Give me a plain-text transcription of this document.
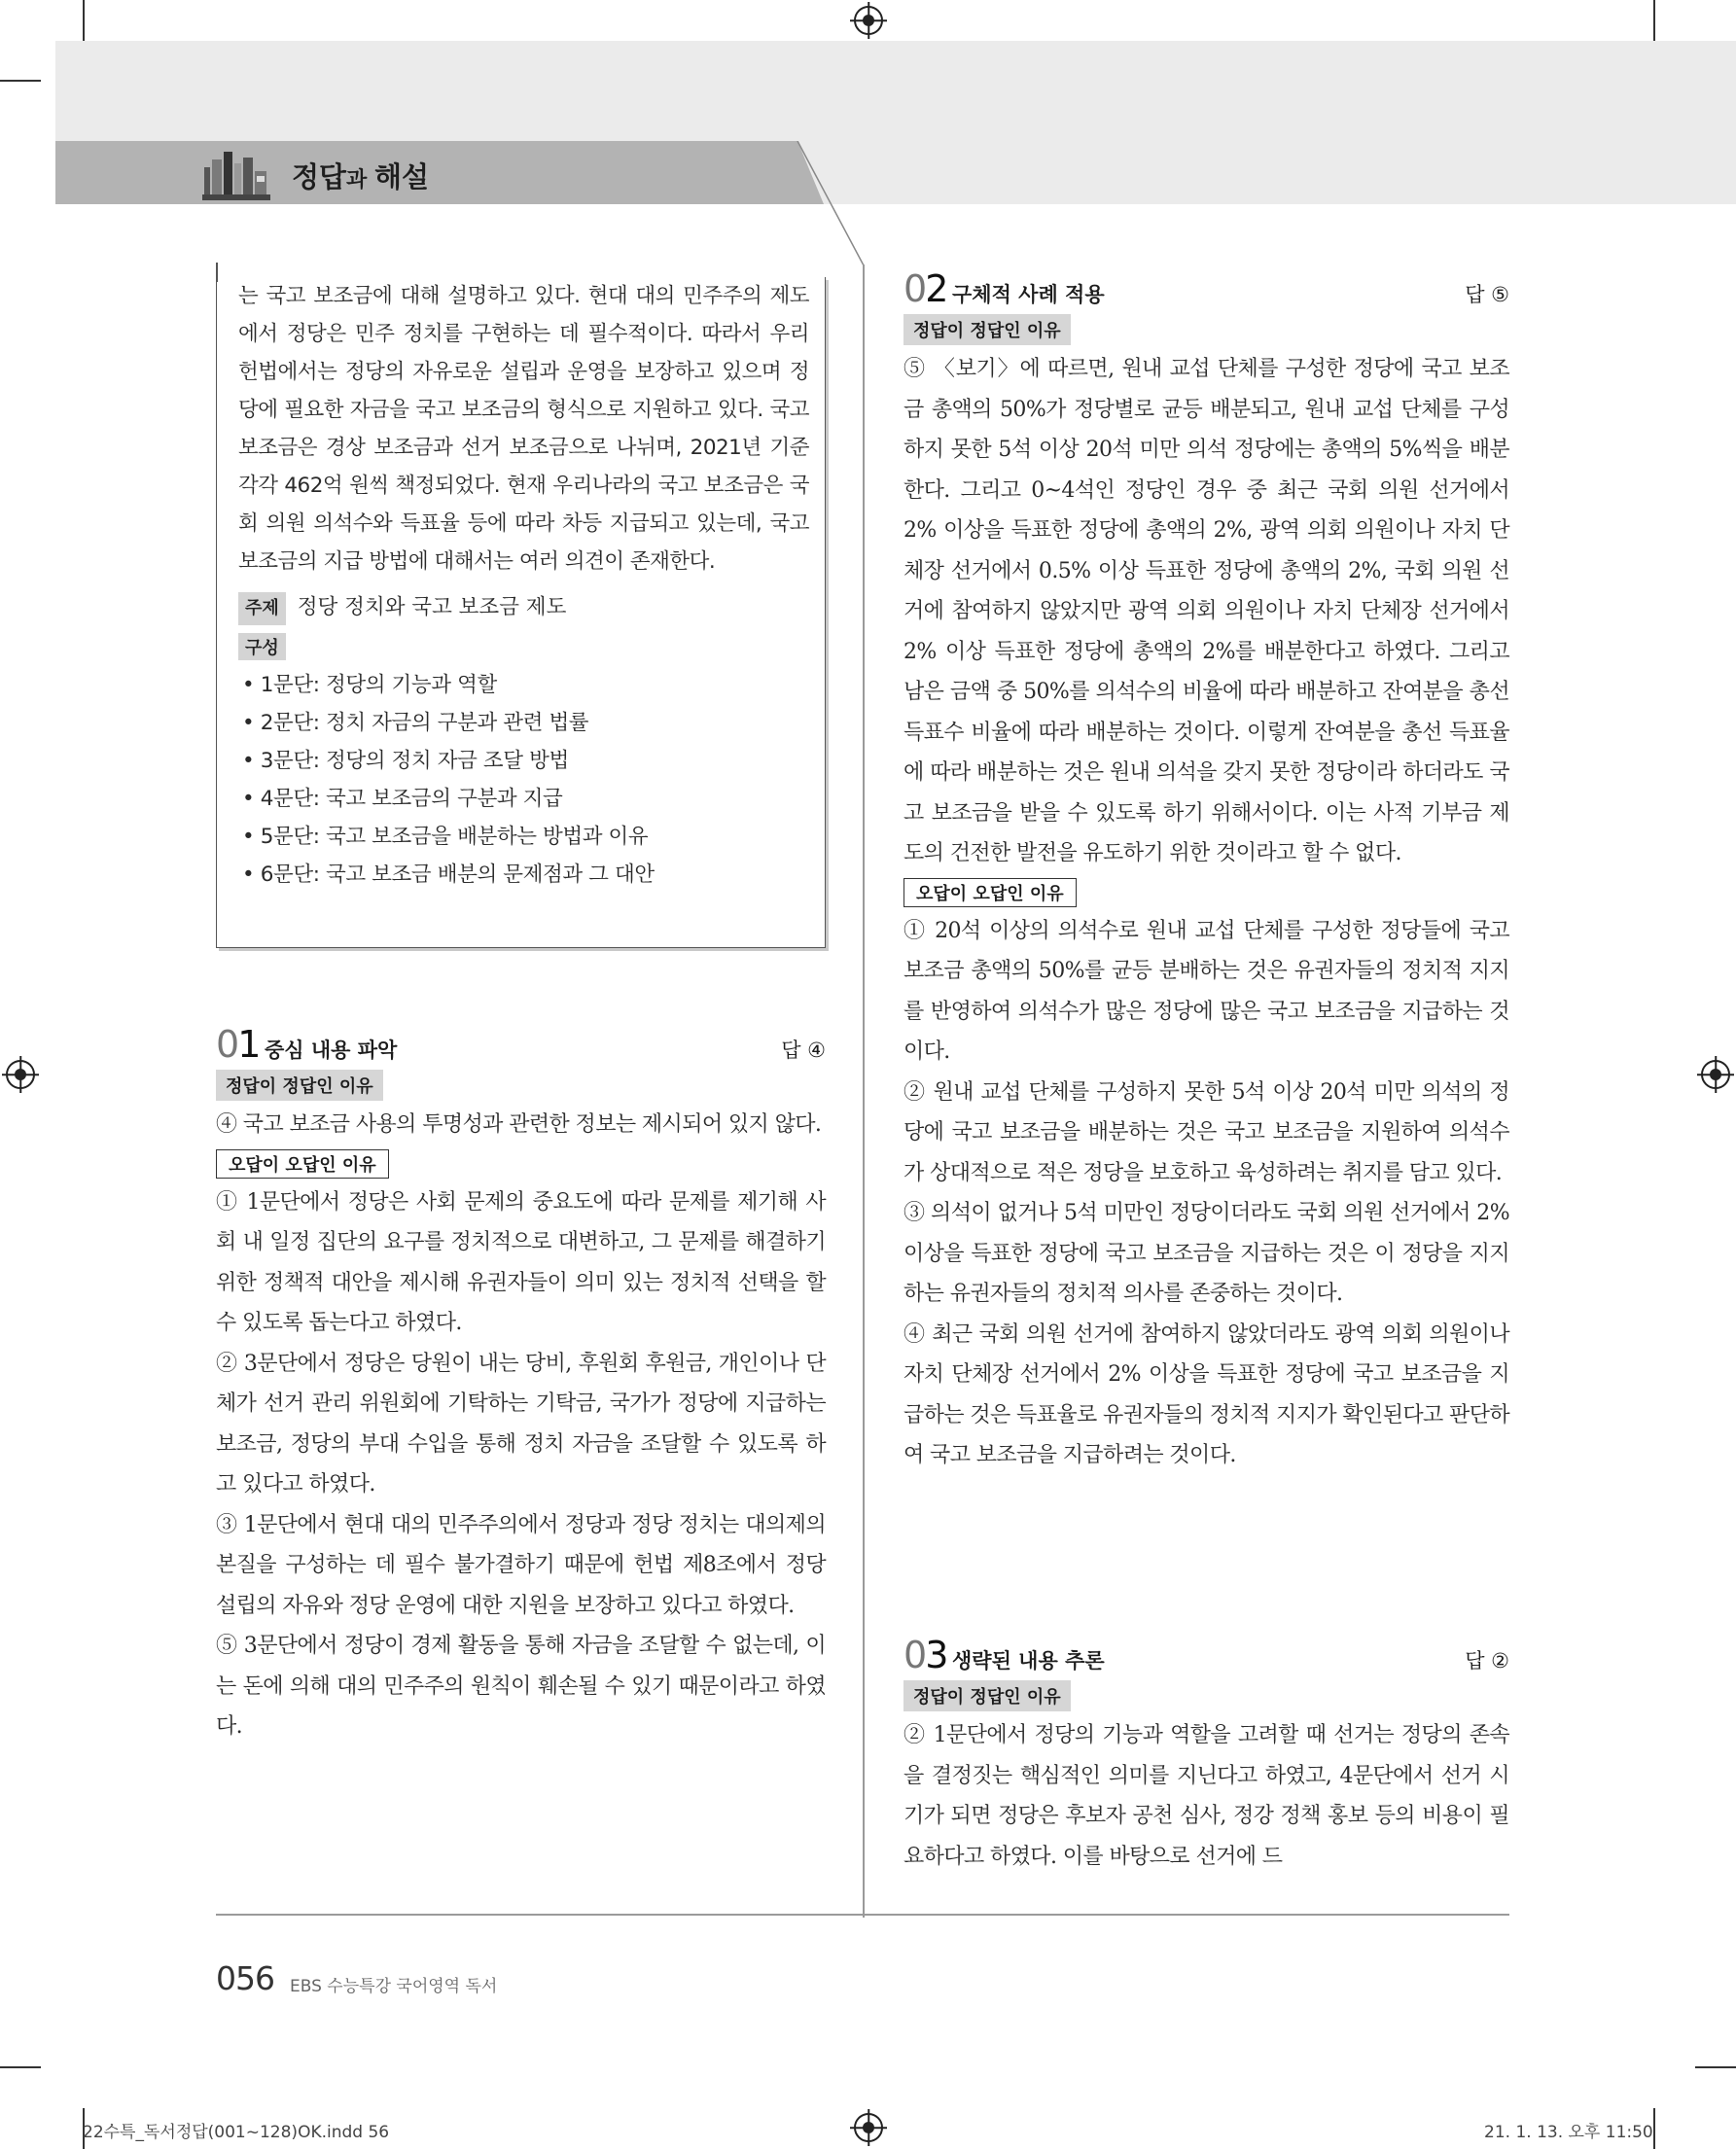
정답과 해설

는 국고 보조금에 대해 설명하고 있다. 현대 대의 민주주의 제도에서 정당은 민주 정치를 구현하는 데 필수적이다. 따라서 우리 헌법에서는 정당의 자유로운 설립과 운영을 보장하고 있으며 정당에 필요한 자금을 국고 보조금의 형식으로 지원하고 있다. 국고 보조금은 경상 보조금과 선거 보조금으로 나뉘며, 2021년 기준 각각 462억 원씩 책정되었다. 현재 우리나라의 국고 보조금은 국회 의원 의석수와 득표율 등에 따라 차등 지급되고 있는데, 국고 보조금의 지급 방법에 대해서는 여러 의견이 존재한다.

주제 정당 정치와 국고 보조금 제도
구성
• 1문단: 정당의 기능과 역할
• 2문단: 정치 자금의 구분과 관련 법률
• 3문단: 정당의 정치 자금 조달 방법
• 4문단: 국고 보조금의 구분과 지급
• 5문단: 국고 보조금을 배분하는 방법과 이유
• 6문단: 국고 보조금 배분의 문제점과 그 대안
01 중심 내용 파악	답 ④
정답이 정답인 이유

④ 국고 보조금 사용의 투명성과 관련한 정보는 제시되어 있지 않다.

오답이 오답인 이유

① 1문단에서 정당은 사회 문제의 중요도에 따라 문제를 제기해 사회 내 일정 집단의 요구를 정치적으로 대변하고, 그 문제를 해결하기 위한 정책적 대안을 제시해 유권자들이 의미 있는 정치적 선택을 할 수 있도록 돕는다고 하였다.

② 3문단에서 정당은 당원이 내는 당비, 후원회 후원금, 개인이나 단체가 선거 관리 위원회에 기탁하는 기탁금, 국가가 정당에 지급하는 보조금, 정당의 부대 수입을 통해 정치 자금을 조달할 수 있도록 하고 있다고 하였다.

③ 1문단에서 현대 대의 민주주의에서 정당과 정당 정치는 대의제의 본질을 구성하는 데 필수 불가결하기 때문에 헌법 제8조에서 정당 설립의 자유와 정당 운영에 대한 지원을 보장하고 있다고 하였다.

⑤ 3문단에서 정당이 경제 활동을 통해 자금을 조달할 수 없는데, 이는 돈에 의해 대의 민주주의 원칙이 훼손될 수 있기 때문이라고 하였다.

02 구체적 사례 적용	답 ⑤
정답이 정답인 이유

⑤ 〈보기〉에 따르면, 원내 교섭 단체를 구성한 정당에 국고 보조금 총액의 50%가 정당별로 균등 배분되고, 원내 교섭 단체를 구성하지 못한 5석 이상 20석 미만 의석 정당에는 총액의 5%씩을 배분한다. 그리고 0~4석인 정당인 경우 중 최근 국회 의원 선거에서 2% 이상을 득표한 정당에 총액의 2%, 광역 의회 의원이나 자치 단체장 선거에서 0.5% 이상 득표한 정당에 총액의 2%, 국회 의원 선거에 참여하지 않았지만 광역 의회 의원이나 자치 단체장 선거에서 2% 이상 득표한 정당에 총액의 2%를 배분한다고 하였다. 그리고 남은 금액 중 50%를 의석수의 비율에 따라 배분하고 잔여분을 총선 득표수 비율에 따라 배분하는 것이다. 이렇게 잔여분을 총선 득표율에 따라 배분하는 것은 원내 의석을 갖지 못한 정당이라 하더라도 국고 보조금을 받을 수 있도록 하기 위해서이다. 이는 사적 기부금 제도의 건전한 발전을 유도하기 위한 것이라고 할 수 없다.

오답이 오답인 이유

① 20석 이상의 의석수로 원내 교섭 단체를 구성한 정당들에 국고 보조금 총액의 50%를 균등 분배하는 것은 유권자들의 정치적 지지를 반영하여 의석수가 많은 정당에 많은 국고 보조금을 지급하는 것이다.

② 원내 교섭 단체를 구성하지 못한 5석 이상 20석 미만 의석의 정당에 국고 보조금을 배분하는 것은 국고 보조금을 지원하여 의석수가 상대적으로 적은 정당을 보호하고 육성하려는 취지를 담고 있다.

③ 의석이 없거나 5석 미만인 정당이더라도 국회 의원 선거에서 2% 이상을 득표한 정당에 국고 보조금을 지급하는 것은 이 정당을 지지하는 유권자들의 정치적 의사를 존중하는 것이다.

④ 최근 국회 의원 선거에 참여하지 않았더라도 광역 의회 의원이나 자치 단체장 선거에서 2% 이상을 득표한 정당에 국고 보조금을 지급하는 것은 득표율로 유권자들의 정치적 지지가 확인된다고 판단하여 국고 보조금을 지급하려는 것이다.

03 생략된 내용 추론	답 ②
정답이 정답인 이유

② 1문단에서 정당의 기능과 역할을 고려할 때 선거는 정당의 존속을 결정짓는 핵심적인 의미를 지닌다고 하였고, 4문단에서 선거 시기가 되면 정당은 후보자 공천 심사, 정강 정책 홍보 등의 비용이 필요하다고 하였다. 이를 바탕으로 선거에 드

056 EBS 수능특강 국어영역 독서
22수특_독서정답(001~128)OK.indd 56	21. 1. 13. 오후 11:50
